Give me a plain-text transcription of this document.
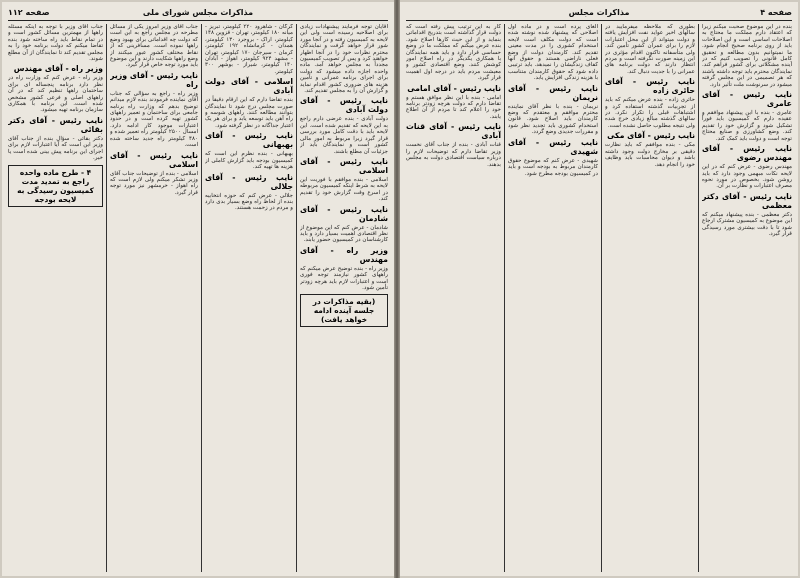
صفحه ۱۱۲	مذاکرات مجلس شورای ملی

آقایان توجه فرمایند پیشنهادات زیادی برای اصلاحیه رسیده است ولی این لایحه به کمیسیون رفته و در آنجا مورد شور قرار خواهد گرفت و نمایندگان محترم نظرات خود را در آنجا اظهار خواهند کرد و پس از تصویب کمیسیون مجدداً به مجلس خواهد آمد. ماده واحده اجازه داده میشود که دولت برای اجرای برنامه عمرانی و تأمین هزینه های ضروری کشور اقدام نماید و گزارش آن را به مجلس تقدیم کند.

نایب رئیس - آقای دولت آبادی

دولت آبادی - بنده عرضی دارم راجع به این لایحه که تقدیم شده است. این لایحه باید با دقت کامل مورد بررسی قرار گیرد زیرا مربوط به امور مالی کشور است و نمایندگان باید از جزئیات آن مطلع باشند.

نایب رئیس - آقای اسلامی

اسلامی - بنده موافقم با فوریت این لایحه به شرط اینکه کمیسیون مربوطه در اسرع وقت گزارش خود را تقدیم کند.

نایب رئیس - آقای شادمان

شادمان - عرض کنم که این موضوع از نظر اقتصادی اهمیت بسیار دارد و باید کارشناسان در کمیسیون حضور یابند.

وزیر راه - آقای مهندس

وزیر راه - بنده توضیح عرض میکنم که راههای کشور نیازمند توجه فوری است و اعتبارات لازم باید هرچه زودتر تأمین شود.

(بقیه مذاکرات در جلسه آینده ادامه خواهد یافت)

گرگان - شاهرود ۲۲۰ کیلومتر، تبریز - میانه ۱۸۰ کیلومتر، تهران - قزوین ۱۴۸ کیلومتر، اراک - بروجرد ۱۳۰ کیلومتر، همدان - کرمانشاه ۱۹۲ کیلومتر، کرمان - سیرجان ۱۷۰ کیلومتر، تهران - مشهد ۹۲۴ کیلومتر، اهواز - آبادان ۱۴۰ کیلومتر، شیراز - بوشهر ۳۰۰ کیلومتر.

اسلامی - آقای دولت آبادی

بنده تقاضا دارم که این ارقام دقیقاً در صورت مجلس درج شود تا نمایندگان بتوانند مطالعه کنند. راههای شوسه و راه آهن باید توسعه یابد و برای هر یک اعتبار جداگانه در نظر گرفته شود.

نایب رئیس - آقای بهبهانی

بهبهانی - بنده نظرم این است که کمیسیون بودجه باید گزارش کاملی از هزینه ها تهیه کند.

نایب رئیس - آقای جلالی

جلالی - عرض کنم که حوزه انتخابیه بنده از لحاظ راه وضع بسیار بدی دارد و مردم در زحمت هستند.

جناب آقای وزیر امروز یکی از مسائل مطرحه در مجلس راجع به این است که دولت چه اقداماتی برای بهبود وضع راهها نموده است. مسافرینی که از نقاط مختلف کشور عبور میکنند از وضع راهها شکایت دارند و این موضوع باید مورد توجه خاص قرار گیرد.

نایب رئیس - آقای وزیر راه

وزیر راه - راجع به سؤالی که جناب آقای نماینده فرمودند بنده لازم میدانم توضیح بدهم که وزارت راه برنامه جامعی برای ساختمان و تعمیر راههای کشور تهیه کرده است و در حدود اعتبارات موجود کار ادامه دارد. امسال ۲۵۰۰ کیلومتر راه تعمیر شده و ۴۸۰ کیلومتر راه جدید ساخته شده است.

نایب رئیس - آقای اسلامی

اسلامی - بنده از توضیحات جناب آقای وزیر تشکر میکنم ولی لازم است که راه اهواز - خرمشهر نیز مورد توجه قرار گیرد.

جناب آقای وزیر با توجه به اینکه مسئله راهها از مهمترین مسائل کشور است و در تمام نقاط باید راه ساخته شود بنده تقاضا میکنم که دولت برنامه خود را به مجلس تقدیم کند تا نمایندگان از آن مطلع شوند.

وزیر راه - آقای مهندس

وزیر راه - عرض کنم که وزارت راه در نظر دارد برنامه پنجساله ای برای ساختمان راهها تنظیم کند که در آن راههای اصلی و فرعی کشور مشخص شده است. این برنامه با همکاری سازمان برنامه تهیه میشود.

نایب رئیس - آقای دکتر بقائی

دکتر بقائی - سؤال بنده از جناب آقای وزیر این است که آیا اعتبارات لازم برای اجرای این برنامه پیش بینی شده است یا خیر.

۴ - طرح ماده واحده راجع به تمدید مدت کمیسیون رسیدگی به لایحه بودجه
صفحه ۴
مذاکرات مجلس

بنده در این موضوع صحبت میکنم زیرا که اعتقاد دارم مملکت ما محتاج به اصلاحات اساسی است و این اصلاحات باید از روی برنامه صحیح انجام شود. ما نمیتوانیم بدون مطالعه و تحقیق کامل قانونی را تصویب کنیم که در آینده مشکلاتی برای کشور فراهم کند. نمایندگان محترم باید توجه داشته باشند که هر تصمیمی در این مجلس گرفته میشود در سرنوشت ملت تأثیر دارد.

نایب رئیس - آقای عامری

عامری - بنده با این پیشنهاد موافقم و عقیده دارم که کمیسیون باید فوراً تشکیل شود و گزارش خود را تقدیم کند. وضع کشاورزی و صنایع محتاج توجه است و دولت باید کمک کند.

نایب رئیس - آقای مهندس رضوی

مهندس رضوی - عرض کنم که در این لایحه نکات مبهمی وجود دارد که باید روشن شود. بخصوص در مورد نحوه مصرف اعتبارات و نظارت بر آن.

نایب رئیس - آقای دکتر معظمی

دکتر معظمی - بنده پیشنهاد میکنم که این موضوع به کمیسیون مشترک ارجاع شود تا با دقت بیشتری مورد رسیدگی قرار گیرد.

بطوری که ملاحظه میفرمایید در سالهای اخیر عواید نفت افزایش یافته و دولت میتواند از این محل اعتبارات لازم را برای عمران کشور تأمین کند. ولی متأسفانه تاکنون اقدام مؤثری در این زمینه صورت نگرفته است و مردم انتظار دارند که دولت برنامه های عمرانی را با جدیت دنبال کند.

نایب رئیس - آقای حائری زاده

حائری زاده - بنده عرض میکنم که باید از تجربیات گذشته استفاده کرد و اشتباهات قبلی را تکرار نکرد. در سالهای گذشته مبالغ زیادی خرج شده ولی نتیجه مطلوب حاصل نشده است.

نایب رئیس - آقای مکی

مکی - بنده موافقم که باید نظارت دقیقی بر مخارج دولت وجود داشته باشد و دیوان محاسبات باید وظایف خود را انجام دهد.

الغای پرده است و در ماده اول اصلاحی که پیشنهاد شده نوشته شده است که دولت مکلف است لایحه استخدام کشوری را در مدت معینی تقدیم کند. کارمندان دولت از وضع فعلی ناراضی هستند و حقوق آنها کفاف زندگیشان را نمیدهد. باید ترتیبی داده شود که حقوق کارمندان متناسب با هزینه زندگی افزایش یابد.

نایب رئیس - آقای نریمان

نریمان - بنده با نظر آقای نماینده محترم موافقم و معتقدم که وضع کارمندان باید اصلاح شود. قانون استخدام کشوری باید تجدید نظر شود و مقررات جدیدی وضع گردد.

نایب رئیس - آقای شهیدی

شهیدی - عرض کنم که موضوع حقوق کارمندان مربوط به بودجه است و باید در کمیسیون بودجه مطرح شود.

کار به این ترتیب پیش رفته است که دولت قرار گذاشته است بتدریج اقداماتی بنماید و از این حیث کارها اصلاح شود. بنده عرض میکنم که مملکت ما در وضع حساسی قرار دارد و باید همه نمایندگان با همکاری یکدیگر در راه اصلاح امور کوشش کنند. وضع اقتصادی کشور و معیشت مردم باید در درجه اول اهمیت قرار گیرد.

نایب رئیس - آقای امامی

امامی - بنده با این نظر موافق هستم و تقاضا دارم که دولت هرچه زودتر برنامه خود را اعلام کند تا مردم از آن اطلاع یابند.

نایب رئیس - آقای قنات آبادی

قنات آبادی - بنده از جناب آقای نخست وزیر تقاضا دارم که توضیحات لازم را درباره سیاست اقتصادی دولت به مجلس بدهند.
